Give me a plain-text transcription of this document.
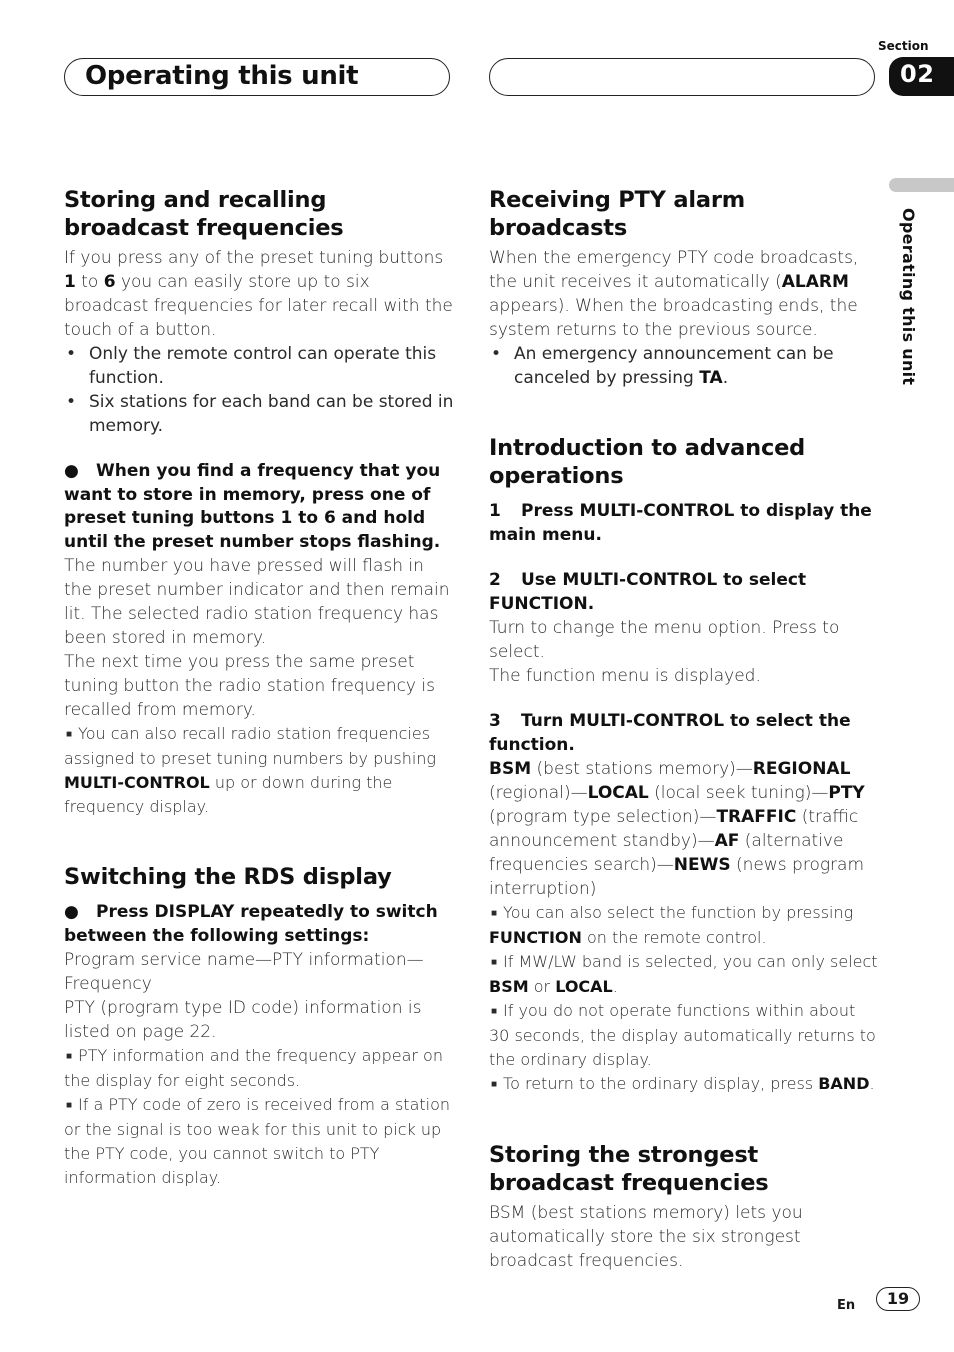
Operating this unit
Section
02
Operating this unit
Storing and recalling broadcast frequencies

If you press any of the preset tuning buttons 1 to 6 you can easily store up to six broadcast frequencies for later recall with the touch of a button.

• Only the remote control can operate this function.
• Six stations for each band can be stored in memory.

● When you find a frequency that you want to store in memory, press one of preset tuning buttons 1 to 6 and hold until the preset number stops flashing.

The number you have pressed will flash in the preset number indicator and then remain lit. The selected radio station frequency has been stored in memory.

The next time you press the same preset tuning button the radio station frequency is recalled from memory.

■ You can also recall radio station frequencies assigned to preset tuning numbers by pushing MULTI-CONTROL up or down during the frequency display.

Switching the RDS display

● Press DISPLAY repeatedly to switch between the following settings:

Program service name—PTY information—Frequency

PTY (program type ID code) information is listed on page 22.

■ PTY information and the frequency appear on the display for eight seconds.

■ If a PTY code of zero is received from a station or the signal is too weak for this unit to pick up the PTY code, you cannot switch to PTY information display.

Receiving PTY alarm broadcasts

When the emergency PTY code broadcasts, the unit receives it automatically (ALARM appears). When the broadcasting ends, the system returns to the previous source.

• An emergency announcement can be canceled by pressing TA.
Introduction to advanced operations

1 Press MULTI-CONTROL to display the main menu.

2 Use MULTI-CONTROL to select FUNCTION.

Turn to change the menu option. Press to select.

The function menu is displayed.

3 Turn MULTI-CONTROL to select the function.

BSM (best stations memory)—REGIONAL (regional)—LOCAL (local seek tuning)—PTY (program type selection)—TRAFFIC (traffic announcement standby)—AF (alternative frequencies search)—NEWS (news program interruption)

■ You can also select the function by pressing FUNCTION on the remote control.

■ If MW/LW band is selected, you can only select BSM or LOCAL.

■ If you do not operate functions within about 30 seconds, the display automatically returns to the ordinary display.

■ To return to the ordinary display, press BAND.

Storing the strongest broadcast frequencies

BSM (best stations memory) lets you automatically store the six strongest broadcast frequencies.

En	19
